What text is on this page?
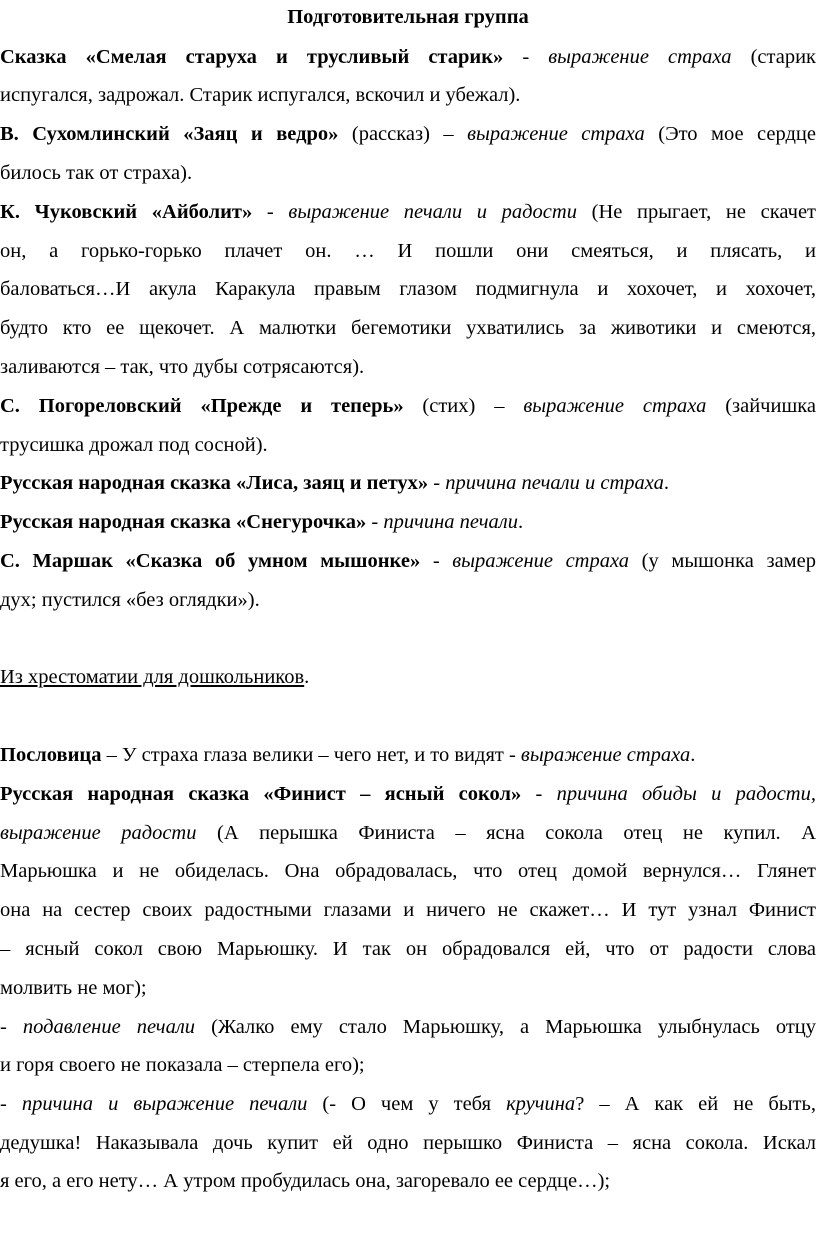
Подготовительная группа
Сказка «Смелая старуха и трусливый старик» - выражение страха (старик
испугался, задрожал. Старик испугался, вскочил и убежал).
В. Сухомлинский «Заяц и ведро» (рассказ) – выражение страха (Это мое сердце
билось так от страха).
К. Чуковский «Айболит» - выражение печали и радости (Не прыгает, не скачет
он, а горько-горько плачет он. … И пошли они смеяться, и плясать, и
баловаться…И акула Каракула правым глазом подмигнула и хохочет, и хохочет,
будто кто ее щекочет. А малютки бегемотики ухватились за животики и смеются,
заливаются – так, что дубы сотрясаются).
С. Погореловский «Прежде и теперь» (стих) – выражение страха (зайчишка
трусишка дрожал под сосной).
Русская народная сказка «Лиса, заяц и петух» - причина печали и страха.
Русская народная сказка «Снегурочка» - причина печали.
С. Маршак «Сказка об умном мышонке» - выражение страха (у мышонка замер
дух; пустился «без оглядки»).
Из хрестоматии для дошкольников.
Пословица – У страха глаза велики – чего нет, и то видят - выражение страха.
Русская народная сказка «Финист – ясный сокол» - причина обиды и радости,
выражение радости (А перышка Финиста – ясна сокола отец не купил. А
Марьюшка и не обиделась. Она обрадовалась, что отец домой вернулся… Глянет
она на сестер своих радостными глазами и ничего не скажет… И тут узнал Финист
– ясный сокол свою Марьюшку. И так он обрадовался ей, что от радости слова
молвить не мог);
- подавление печали (Жалко ему стало Марьюшку, а Марьюшка улыбнулась отцу
и горя своего не показала – стерпела его);
- причина и выражение печали (- О чем у тебя кручина? – А как ей не быть,
дедушка! Наказывала дочь купит ей одно перышко Финиста – ясна сокола. Искал
я его, а его нету… А утром пробудилась она, загоревало ее сердце…);
